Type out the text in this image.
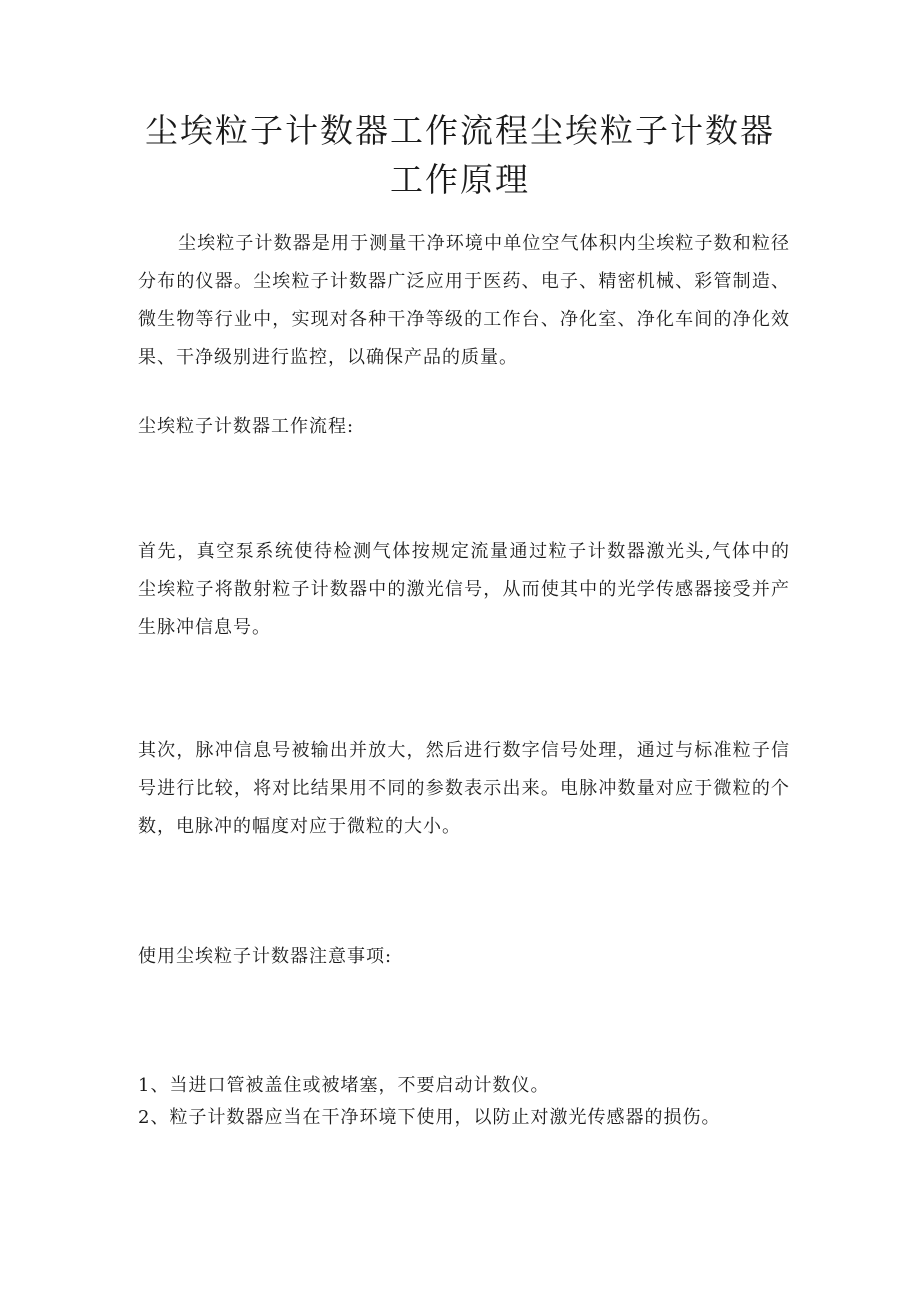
尘埃粒子计数器工作流程尘埃粒子计数器工作原理

尘埃粒子计数器是用于测量干净环境中单位空气体积内尘埃粒子数和粒径分布的仪器。尘埃粒子计数器广泛应用于医药、电子、精密机械、彩管制造、微生物等行业中，实现对各种干净等级的工作台、净化室、净化车间的净化效果、干净级别进行监控，以确保产品的质量。

尘埃粒子计数器工作流程:

首先，真空泵系统使待检测气体按规定流量通过粒子计数器激光头,气体中的尘埃粒子将散射粒子计数器中的激光信号，从而使其中的光学传感器接受并产生脉冲信息号。

其次，脉冲信息号被输出并放大，然后进行数字信号处理，通过与标准粒子信号进行比较，将对比结果用不同的参数表示出来。电脉冲数量对应于微粒的个数，电脉冲的幅度对应于微粒的大小。

使用尘埃粒子计数器注意事项:

1、当进口管被盖住或被堵塞，不要启动计数仪。
2、粒子计数器应当在干净环境下使用，以防止对激光传感器的损伤。
